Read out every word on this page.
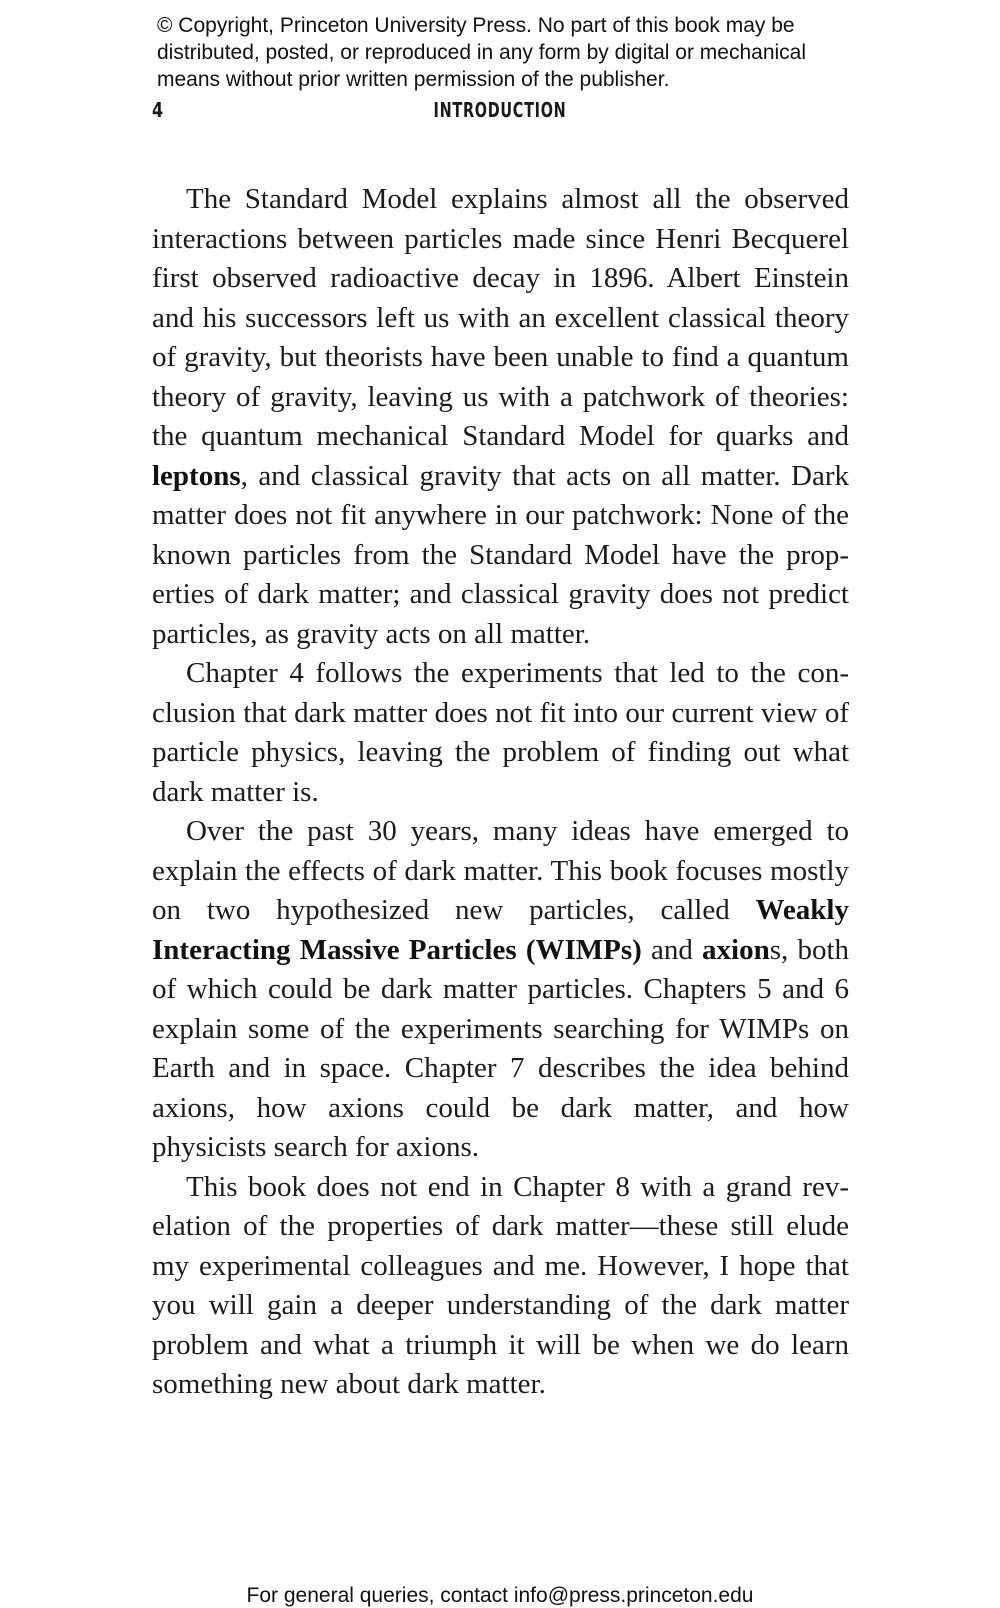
© Copyright, Princeton University Press. No part of this book may be
distributed, posted, or reproduced in any form by digital or mechanical
means without prior written permission of the publisher.
4	INTRODUCTION

The Standard Model explains almost all the observed interactions between particles made since Henri Becquerel first observed radioactive decay in 1896. Albert Einstein and his successors left us with an excellent classical theory of gravity, but theorists have been unable to find a quantum theory of gravity, leaving us with a patchwork of theories: the quantum mechanical Standard Model for quarks and leptons, and classical gravity that acts on all matter. Dark matter does not fit anywhere in our patchwork: None of the known particles from the Standard Model have the properties of dark matter; and classical gravity does not predict particles, as gravity acts on all matter.

Chapter 4 follows the experiments that led to the conclusion that dark matter does not fit into our current view of particle physics, leaving the problem of finding out what dark matter is.

Over the past 30 years, many ideas have emerged to explain the effects of dark matter. This book focuses mostly on two hypothesized new particles, called Weakly Interacting Massive Particles (WIMPs) and axions, both of which could be dark matter particles. Chapters 5 and 6 explain some of the experiments searching for WIMPs on Earth and in space. Chapter 7 describes the idea behind axions, how axions could be dark matter, and how physicists search for axions.

This book does not end in Chapter 8 with a grand revelation of the properties of dark matter—these still elude my experimental colleagues and me. However, I hope that you will gain a deeper understanding of the dark matter problem and what a triumph it will be when we do learn something new about dark matter.

For general queries, contact info@press.princeton.edu
